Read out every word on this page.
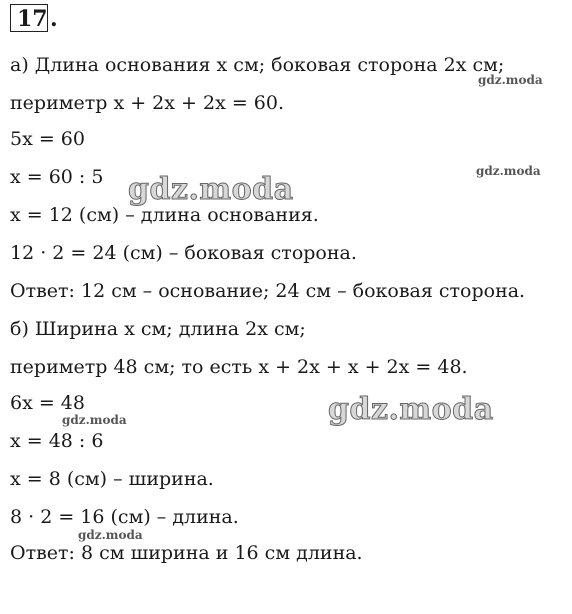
17 .
а) Длина основания x см; боковая сторона 2x см;
периметр x + 2x + 2x = 60.
5x = 60
x = 60 : 5
x = 12 (см) – длина основания.
12 · 2 = 24 (см) – боковая сторона.
Ответ: 12 см – основание; 24 см – боковая сторона.
б) Ширина x см; длина 2x см;
периметр 48 см; то есть x + 2x + x + 2x = 48.
6x = 48
x = 48 : 6
x = 8 (см) – ширина.
8 · 2 = 16 (см) – длина.
Ответ: 8 см ширина и 16 см длина.
gdz.moda
gdz.moda
gdz.moda
gdz.moda
gdz.moda
gdz.moda
